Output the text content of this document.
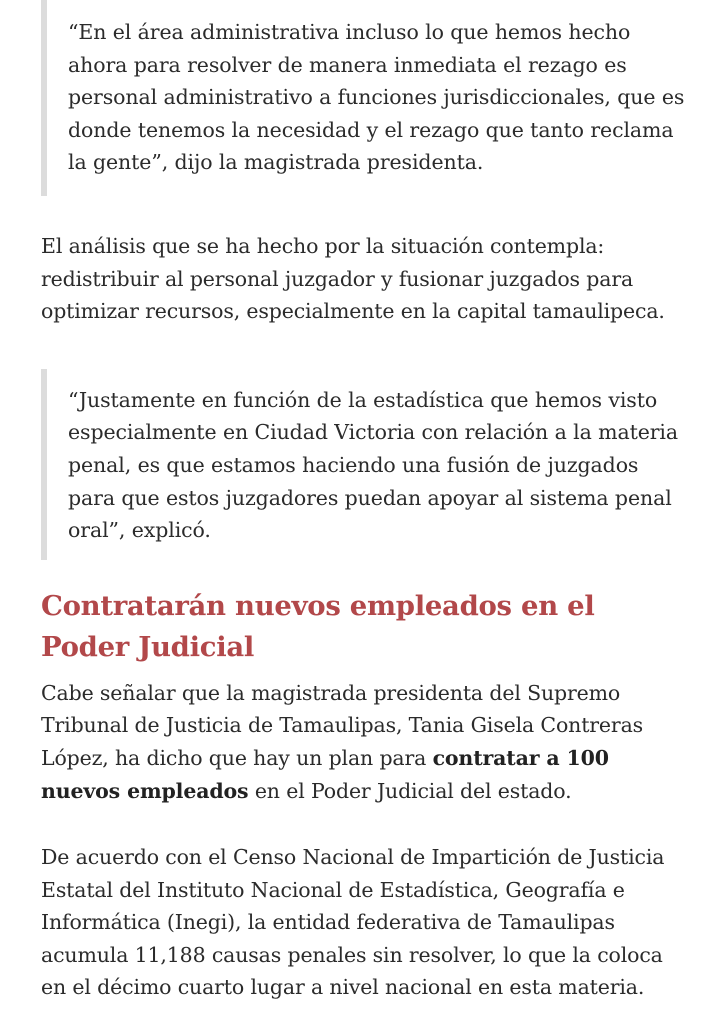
“En el área administrativa incluso lo que hemos hecho ahora para resolver de manera inmediata el rezago es personal administrativo a funciones jurisdiccionales, que es donde tenemos la necesidad y el rezago que tanto reclama la gente”, dijo la magistrada presidenta.

El análisis que se ha hecho por la situación contempla: redistribuir al personal juzgador y fusionar juzgados para optimizar recursos, especialmente en la capital tamaulipeca.

“Justamente en función de la estadística que hemos visto especialmente en Ciudad Victoria con relación a la materia penal, es que estamos haciendo una fusión de juzgados para que estos juzgadores puedan apoyar al sistema penal oral”, explicó.
Contratarán nuevos empleados en el Poder Judicial

Cabe señalar que la magistrada presidenta del Supremo Tribunal de Justicia de Tamaulipas, Tania Gisela Contreras López, ha dicho que hay un plan para contratar a 100 nuevos empleados en el Poder Judicial del estado.

De acuerdo con el Censo Nacional de Impartición de Justicia Estatal del Instituto Nacional de Estadística, Geografía e Informática (Inegi), la entidad federativa de Tamaulipas acumula 11,188 causas penales sin resolver, lo que la coloca en el décimo cuarto lugar a nivel nacional en esta materia.
